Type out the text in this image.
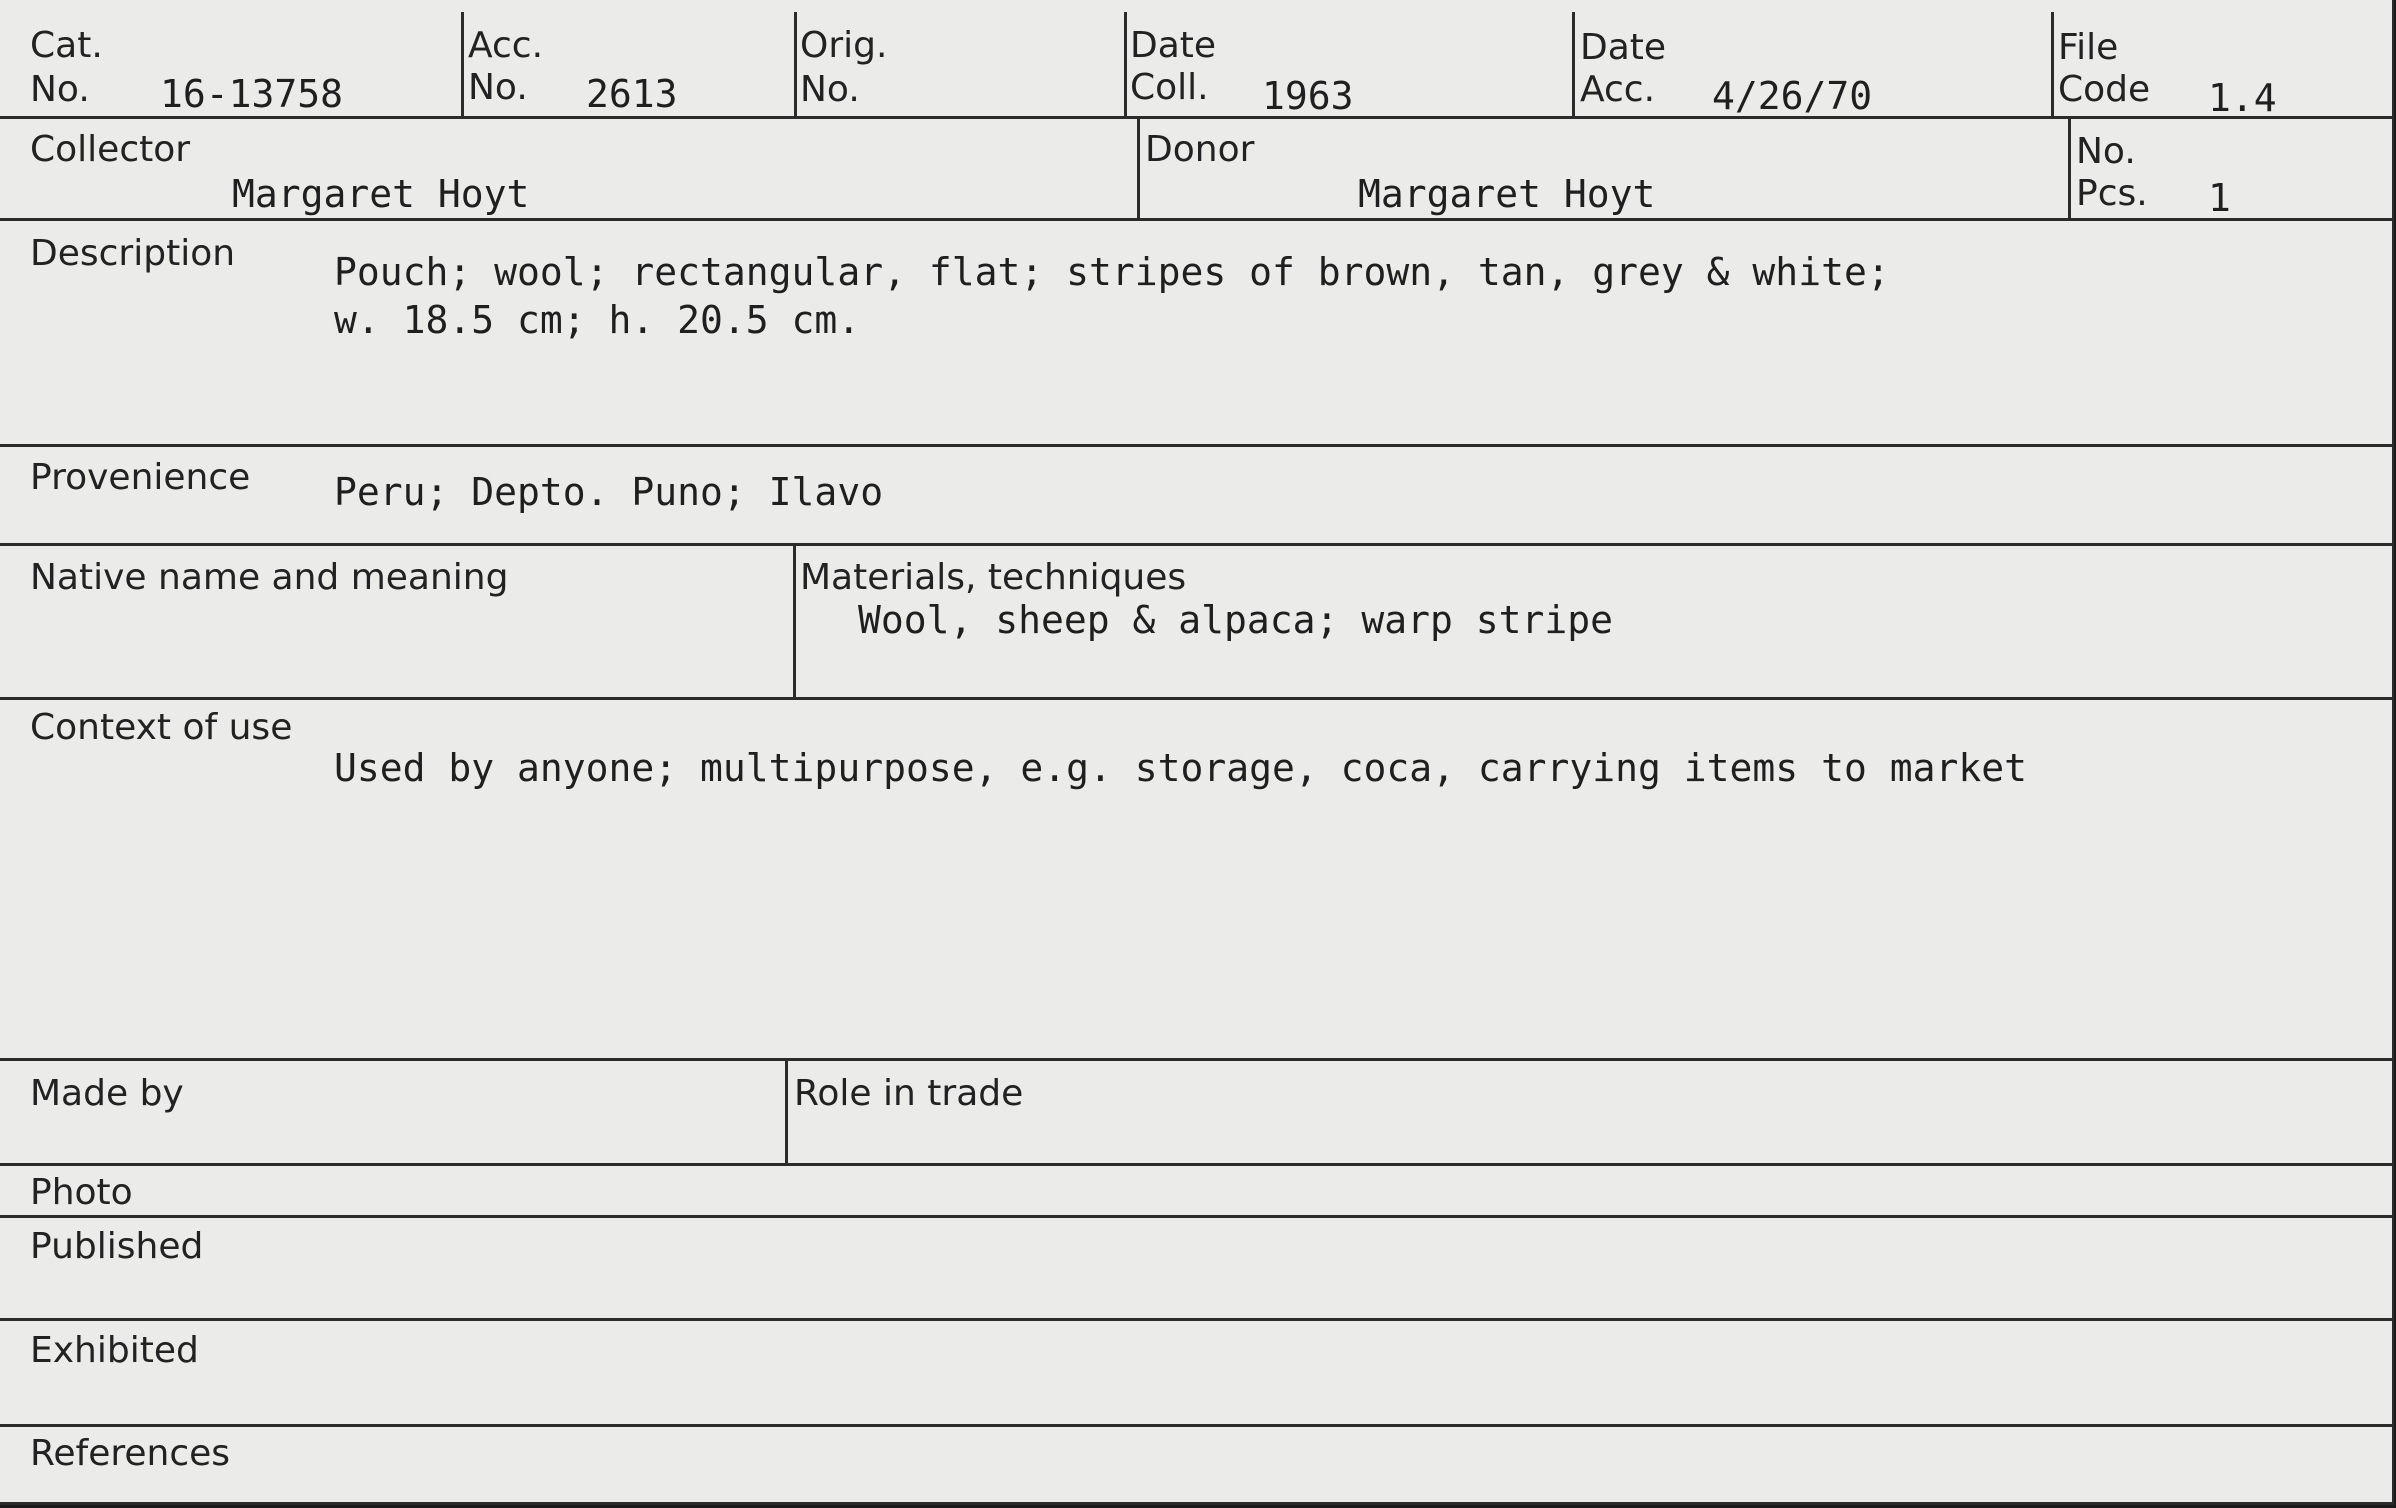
Cat.
No. 16-13758
Acc.
No. 2613
Orig.
No.
Date
Coll. 1963
Date
Acc. 4/26/70
File
Code 1.4
Collector
Margaret Hoyt
Donor
Margaret Hoyt
No.
Pcs. 1
Description	Pouch; wool; rectangular, flat; stripes of brown, tan, grey & white;
w. 18.5 cm; h. 20.5 cm.
Provenience Peru; Depto. Puno; Ilavo
Native name and meaning	Materials, techniques
Wool, sheep & alpaca; warp stripe
Context of use
Used by anyone; multipurpose, e.g. storage, coca, carrying items to market
Made by	Role in trade
Photo
Published
Exhibited
References
